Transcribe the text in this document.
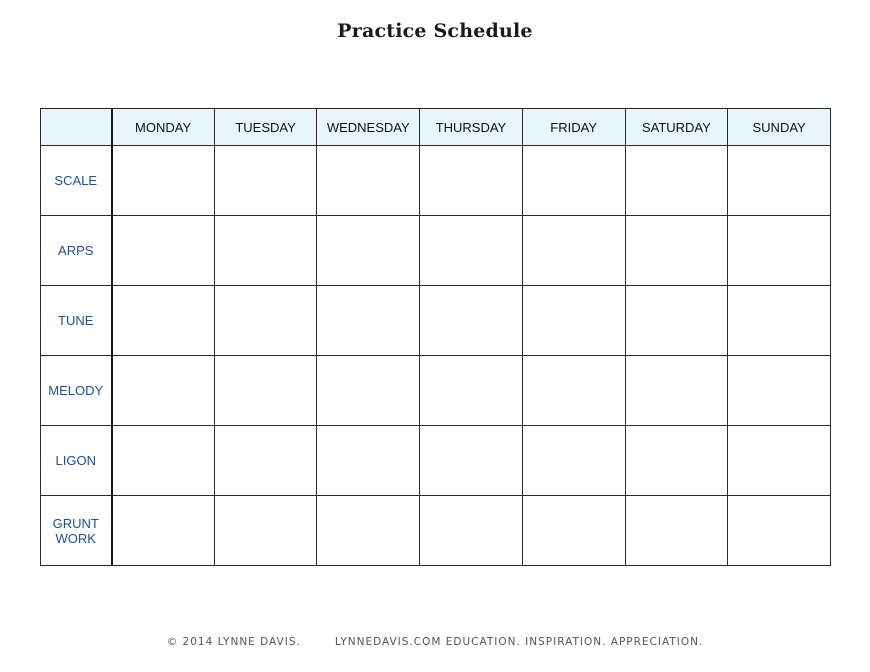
Practice Schedule
	MONDAY	TUESDAY	WEDNESDAY	THURSDAY	FRIDAY	SATURDAY	SUNDAY
SCALE							
ARPS							
TUNE							
MELODY							
LIGON							
GRUNT WORK							
© 2014 LYNNE DAVIS.	LYNNEDAVIS.COM EDUCATION. INSPIRATION. APPRECIATION.
